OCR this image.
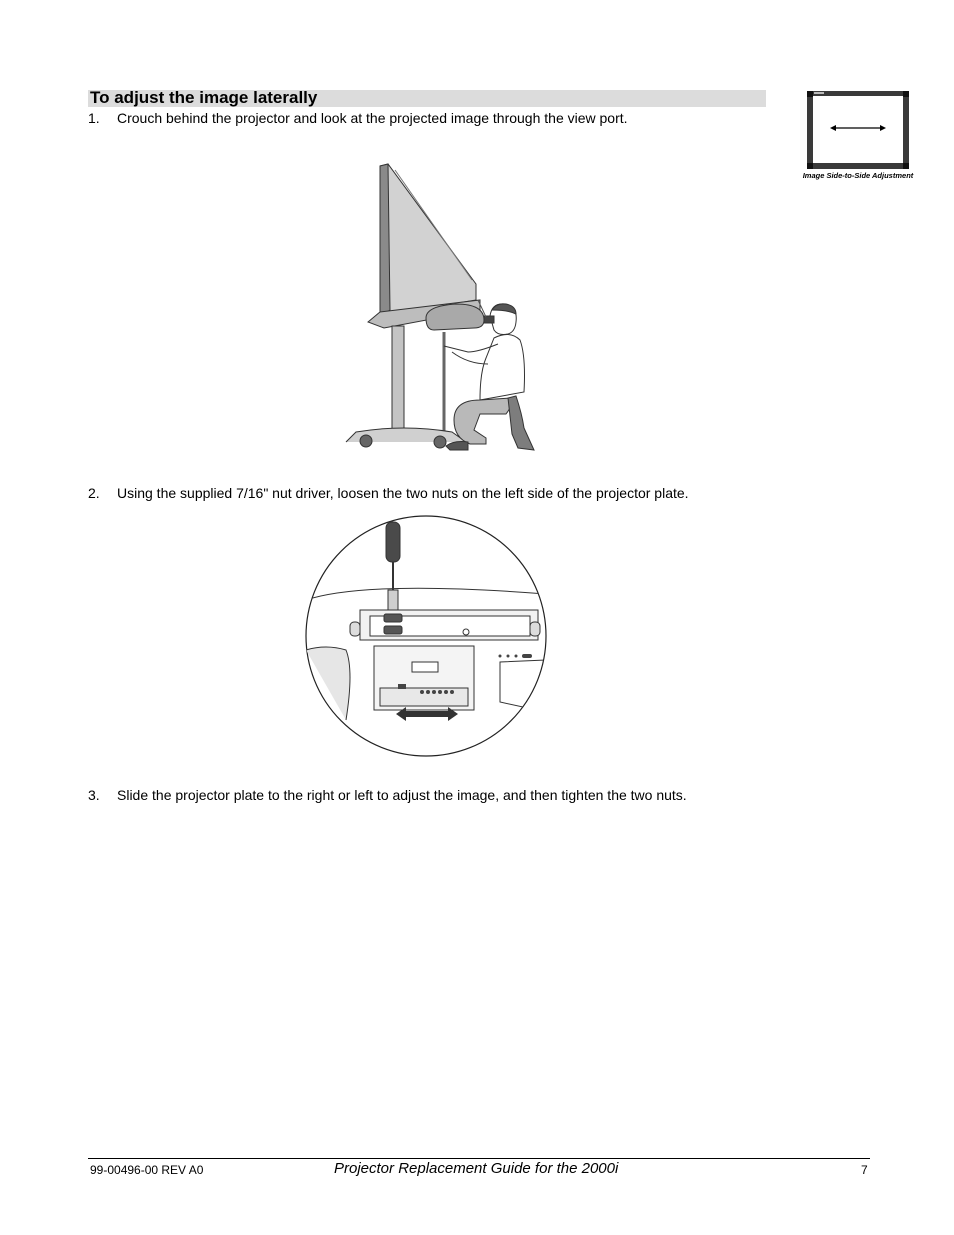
To adjust the image laterally
Image Side-to-Side Adjustment
1. Crouch behind the projector and look at the projected image through the view port.
2. Using the supplied 7/16" nut driver, loosen the two nuts on the left side of the projector plate.
3. Slide the projector plate to the right or left to adjust the image, and then tighten the two nuts.
99-00496-00 REV A0	Projector Replacement Guide for the 2000i	7
